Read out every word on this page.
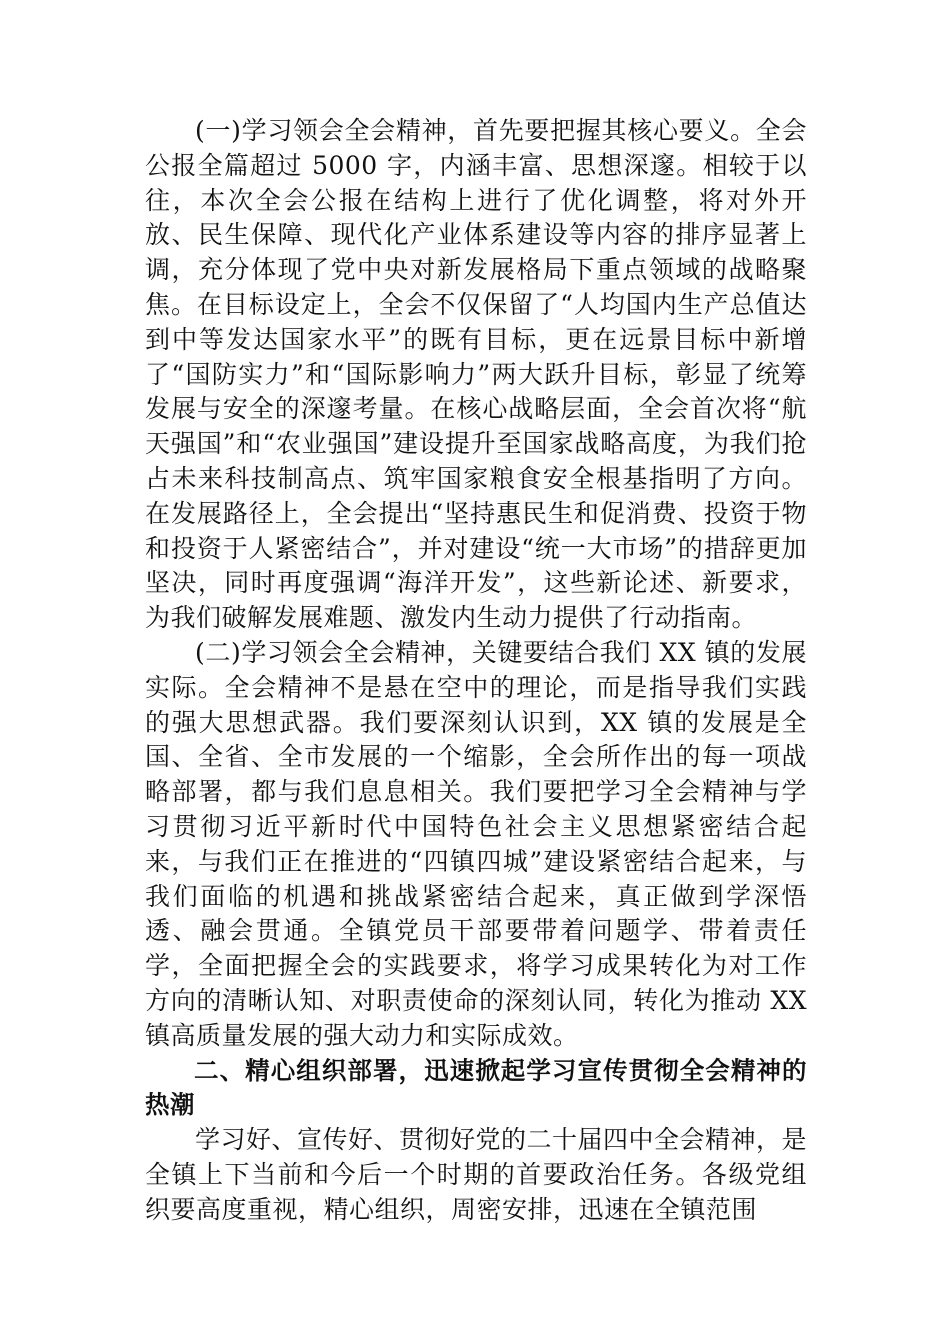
(一)学习领会全会精神，首先要把握其核心要义。全会公报全篇超过 5000 字，内涵丰富、思想深邃。相较于以往，本次全会公报在结构上进行了优化调整，将对外开放、民生保障、现代化产业体系建设等内容的排序显著上调，充分体现了党中央对新发展格局下重点领域的战略聚焦。在目标设定上，全会不仅保留了“人均国内生产总值达到中等发达国家水平”的既有目标，更在远景目标中新增了“国防实力”和“国际影响力”两大跃升目标，彰显了统筹发展与安全的深邃考量。在核心战略层面，全会首次将“航天强国”和“农业强国”建设提升至国家战略高度，为我们抢占未来科技制高点、筑牢国家粮食安全根基指明了方向。在发展路径上，全会提出“坚持惠民生和促消费、投资于物和投资于人紧密结合”，并对建设“统一大市场”的措辞更加坚决，同时再度强调“海洋开发”，这些新论述、新要求，为我们破解发展难题、激发内生动力提供了行动指南。

(二)学习领会全会精神，关键要结合我们 XX 镇的发展实际。全会精神不是悬在空中的理论，而是指导我们实践的强大思想武器。我们要深刻认识到，XX 镇的发展是全国、全省、全市发展的一个缩影，全会所作出的每一项战略部署，都与我们息息相关。我们要把学习全会精神与学习贯彻习近平新时代中国特色社会主义思想紧密结合起来，与我们正在推进的“四镇四城”建设紧密结合起来，与我们面临的机遇和挑战紧密结合起来，真正做到学深悟透、融会贯通。全镇党员干部要带着问题学、带着责任学，全面把握全会的实践要求，将学习成果转化为对工作方向的清晰认知、对职责使命的深刻认同，转化为推动 XX 镇高质量发展的强大动力和实际成效。

二、精心组织部署，迅速掀起学习宣传贯彻全会精神的热潮

学习好、宣传好、贯彻好党的二十届四中全会精神，是全镇上下当前和今后一个时期的首要政治任务。各级党组织要高度重视，精心组织，周密安排，迅速在全镇范围
